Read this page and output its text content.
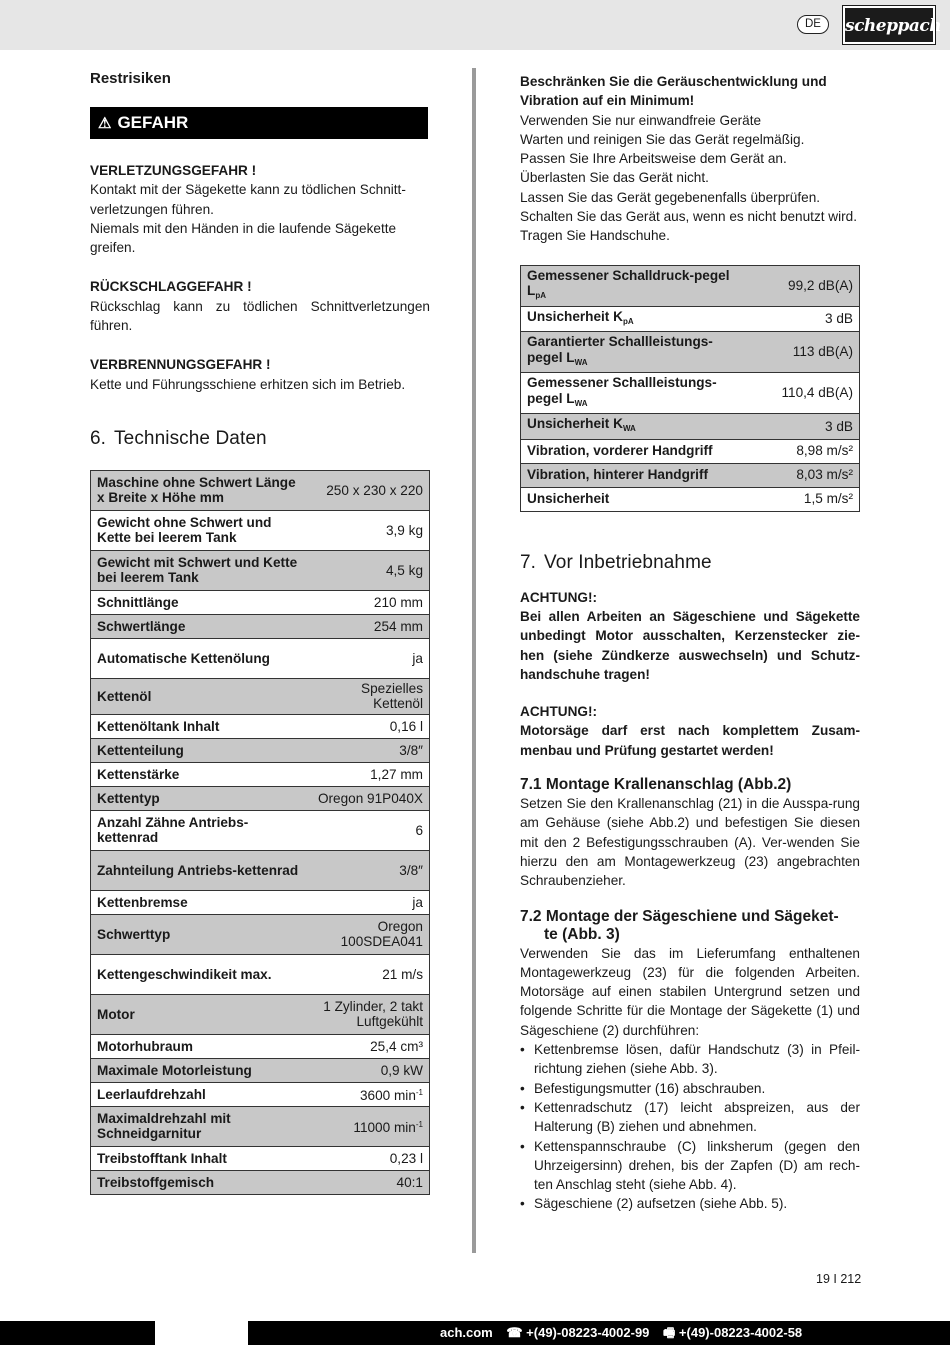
DE	scheppach
Restrisiken
⚠ GEFAHR
VERLETZUNGSGEFAHR !
Kontakt mit der Sägekette kann zu tödlichen Schnitt-verletzungen führen.
Niemals mit den Händen in die laufende Sägekette greifen.
RÜCKSCHLAGGEFAHR !
Rückschlag kann zu tödlichen Schnittverletzungen führen.
VERBRENNUNGSGEFAHR !
Kette und Führungsschiene erhitzen sich im Betrieb.
6. Technische Daten
Maschine ohne Schwert Länge x Breite x Höhe mm	250 x 230 x 220
Gewicht ohne Schwert und Kette bei leerem Tank	3,9 kg
Gewicht mit Schwert und Kette bei leerem Tank	4,5 kg
Schnittlänge	210 mm
Schwertlänge	254 mm
Automatische Kettenölung	ja
Kettenöl	Spezielles Kettenöl
Kettenöltank Inhalt	0,16 l
Kettenteilung	3/8″
Kettenstärke	1,27 mm
Kettentyp	Oregon 91P040X
Anzahl Zähne Antriebs-kettenrad	6
Zahnteilung Antriebs-kettenrad	3/8″
Kettenbremse	ja
Schwerttyp	Oregon 100SDEA041
Kettengeschwindikeit max.	21 m/s
Motor	1 Zylinder, 2 takt Luftgekühlt
Motorhubraum	25,4 cm³
Maximale Motorleistung	0,9 kW
Leerlaufdrehzahl	3600 $\min^{-1}$
Maximaldrehzahl mit Schneidgarnitur	11000 $\min^{-1}$
Treibstofftank Inhalt	0,23 l
Treibstoffgemisch	40:1
Beschränken Sie die Geräuschentwicklung und Vibration auf ein Minimum!
Verwenden Sie nur einwandfreie Geräte
Warten und reinigen Sie das Gerät regelmäßig.
Passen Sie Ihre Arbeitsweise dem Gerät an.
Überlasten Sie das Gerät nicht.
Lassen Sie das Gerät gegebenenfalls überprüfen.
Schalten Sie das Gerät aus, wenn es nicht benutzt wird.
Tragen Sie Handschuhe.
Gemessener Schalldruck-pegel $L_{pA}$	99,2 dB(A)
Unsicherheit $K_{pA}$	3 dB
Garantierter Schallleistungs-pegel $L_{WA}$	113 dB(A)
Gemessener Schallleistungs-pegel $L_{WA}$	110,4 dB(A)
Unsicherheit $K_{WA}$	3 dB
Vibration, vorderer Handgriff	8,98 m/s²
Vibration, hinterer Handgriff	8,03 m/s²
Unsicherheit	1,5 m/s²
7. Vor Inbetriebnahme
ACHTUNG!:
Bei allen Arbeiten an Sägeschiene und Sägekette unbedingt Motor ausschalten, Kerzenstecker zie-hen (siehe Zündkerze auswechseln) und Schutz-handschuhe tragen!
ACHTUNG!:
Motorsäge darf erst nach komplettem Zusam-menbau und Prüfung gestartet werden!
7.1 Montage Krallenanschlag (Abb.2)
Setzen Sie den Krallenanschlag (21) in die Ausspa-rung am Gehäuse (siehe Abb.2) und befestigen Sie diesen mit den 2 Befestigungsschrauben (A). Ver-wenden Sie hierzu den am Montagewerkzeug (23) angebrachten Schraubenzieher.
7.2 Montage der Sägeschiene und Sägeket-
te (Abb. 3)
Verwenden Sie das im Lieferumfang enthaltenen Montagewerkzeug (23) für die folgenden Arbeiten. Motorsäge auf einen stabilen Untergrund setzen und folgende Schritte für die Montage der Sägekette (1) und Sägeschiene (2) durchführen:
• Kettenbremse lösen, dafür Handschutz (3) in Pfeil-richtung ziehen (siehe Abb. 3).
• Befestigungsmutter (16) abschrauben.
• Kettenradschutz (17) leicht abspreizen, aus der Halterung (B) ziehen und abnehmen.
• Kettenspannschraube (C) linksherum (gegen den Uhrzeigersinn) drehen, bis der Zapfen (D) am rech-ten Anschlag steht (siehe Abb. 4).
• Sägeschiene (2) aufsetzen (siehe Abb. 5).
19 I 212
ach.com ☎ +(49)-08223-4002-99 🖷 +(49)-08223-4002-58
